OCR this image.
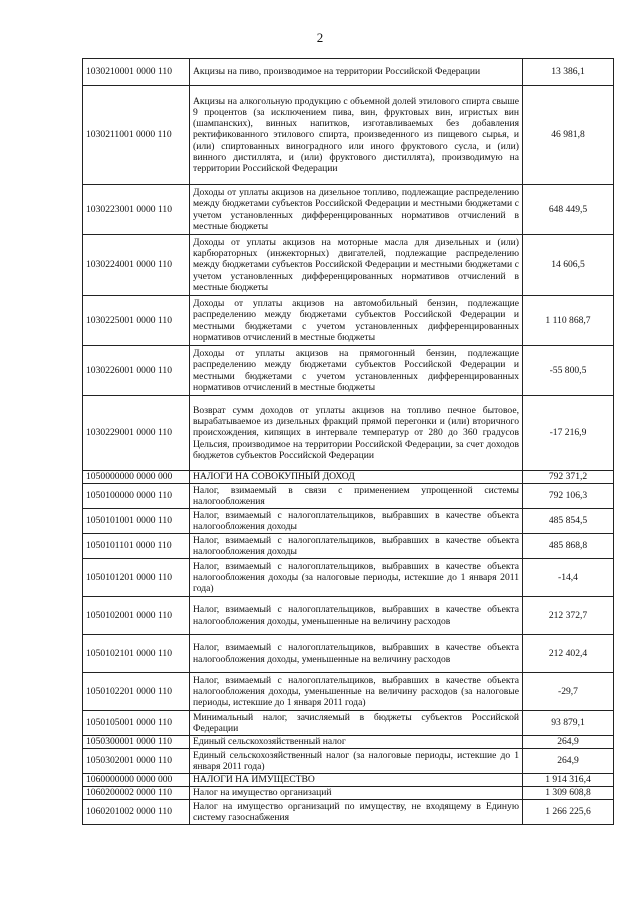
2
1030210001 0000 110	Акцизы на пиво, производимое на территории Российской Федерации	13 386,1
1030211001 0000 110	Акцизы на алкогольную продукцию с объемной долей этилового спирта свыше 9 процентов (за исключением пива, вин, фруктовых вин, игристых вин (шампанских), винных напитков, изготавливаемых без добавления ректификованного этилового спирта, произведенного из пищевого сырья, и (или) спиртованных виноградного или иного фруктового сусла, и (или) винного дистиллята, и (или) фруктового дистиллята), производимую на территории Российской Федерации	46 981,8
1030223001 0000 110	Доходы от уплаты акцизов на дизельное топливо, подлежащие распределению между бюджетами субъектов Российской Федерации и местными бюджетами с учетом установленных дифференцированных нормативов отчислений в местные бюджеты	648 449,5
1030224001 0000 110	Доходы от уплаты акцизов на моторные масла для дизельных и (или) карбюраторных (инжекторных) двигателей, подлежащие распределению между бюджетами субъектов Российской Федерации и местными бюджетами с учетом установленных дифференцированных нормативов отчислений в местные бюджеты	14 606,5
1030225001 0000 110	Доходы от уплаты акцизов на автомобильный бензин, подлежащие распределению между бюджетами субъектов Российской Федерации и местными бюджетами с учетом установленных дифференцированных нормативов отчислений в местные бюджеты	1 110 868,7
1030226001 0000 110	Доходы от уплаты акцизов на прямогонный бензин, подлежащие распределению между бюджетами субъектов Российской Федерации и местными бюджетами с учетом установленных дифференцированных нормативов отчислений в местные бюджеты	-55 800,5
1030229001 0000 110	Возврат сумм доходов от уплаты акцизов на топливо печное бытовое, вырабатываемое из дизельных фракций прямой перегонки и (или) вторичного происхождения, кипящих в интервале температур от 280 до 360 градусов Цельсия, производимое на территории Российской Федерации, за счет доходов бюджетов субъектов Российской Федерации	-17 216,9
1050000000 0000 000	НАЛОГИ НА СОВОКУПНЫЙ ДОХОД	792 371,2
1050100000 0000 110	Налог, взимаемый в связи с применением упрощенной системы налогообложения	792 106,3
1050101001 0000 110	Налог, взимаемый с налогоплательщиков, выбравших в качестве объекта налогообложения доходы	485 854,5
1050101101 0000 110	Налог, взимаемый с налогоплательщиков, выбравших в качестве объекта налогообложения доходы	485 868,8
1050101201 0000 110	Налог, взимаемый с налогоплательщиков, выбравших в качестве объекта налогообложения доходы (за налоговые периоды, истекшие до 1 января 2011 года)	-14,4
1050102001 0000 110	Налог, взимаемый с налогоплательщиков, выбравших в качестве объекта налогообложения доходы, уменьшенные на величину расходов	212 372,7
1050102101 0000 110	Налог, взимаемый с налогоплательщиков, выбравших в качестве объекта налогообложения доходы, уменьшенные на величину расходов	212 402,4
1050102201 0000 110	Налог, взимаемый с налогоплательщиков, выбравших в качестве объекта налогообложения доходы, уменьшенные на величину расходов (за налоговые периоды, истекшие до 1 января 2011 года)	-29,7
1050105001 0000 110	Минимальный налог, зачисляемый в бюджеты субъектов Российской Федерации	93 879,1
1050300001 0000 110	Единый сельскохозяйственный налог	264,9
1050302001 0000 110	Единый сельскохозяйственный налог (за налоговые периоды, истекшие до 1 января 2011 года)	264,9
1060000000 0000 000	НАЛОГИ НА ИМУЩЕСТВО	1 914 316,4
1060200002 0000 110	Налог на имущество организаций	1 309 608,8
1060201002 0000 110	Налог на имущество организаций по имуществу, не входящему в Единую систему газоснабжения	1 266 225,6
